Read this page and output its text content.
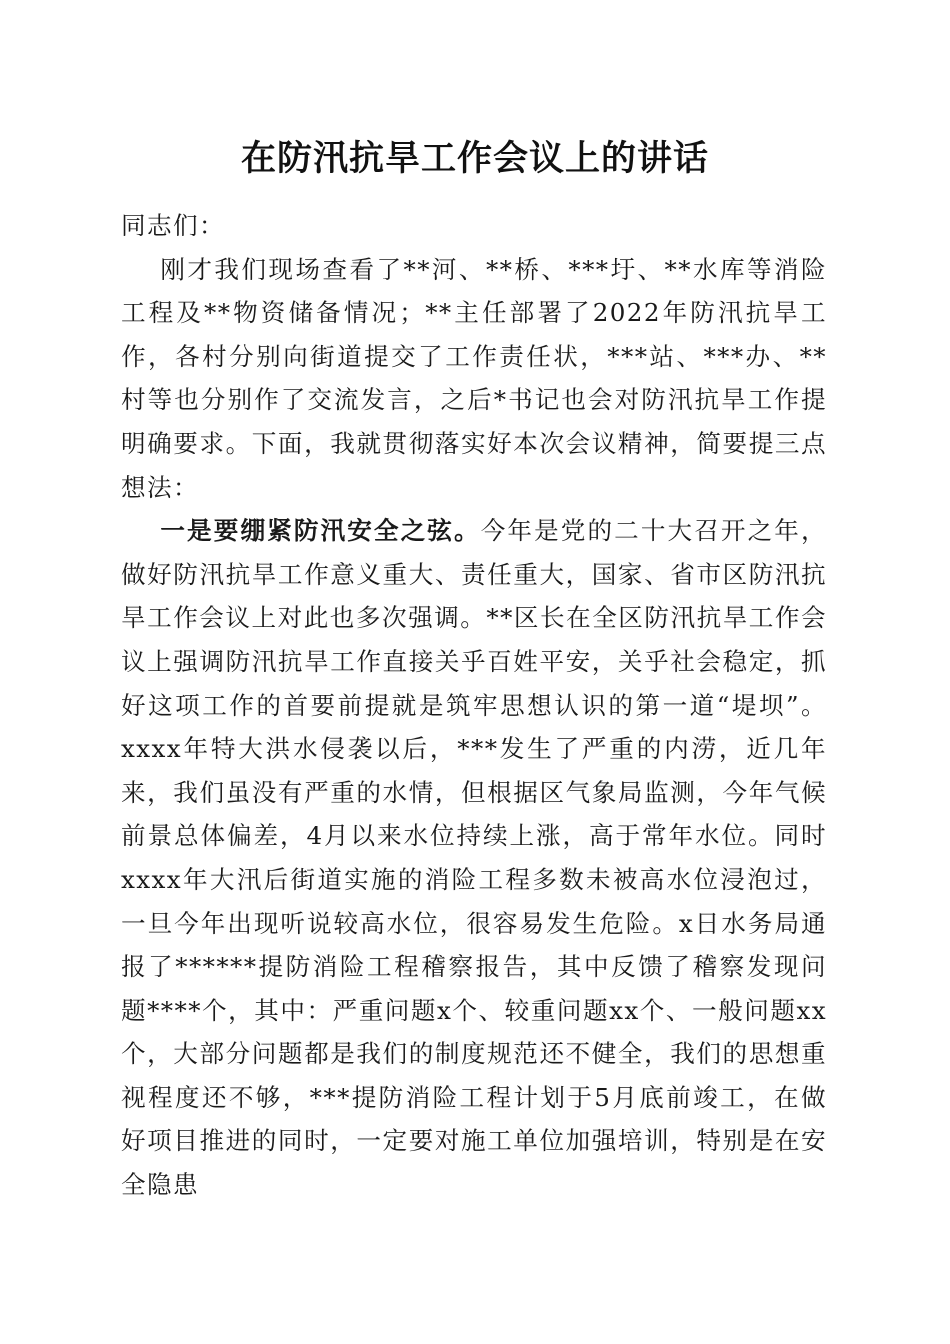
在防汛抗旱工作会议上的讲话

同志们：

刚才我们现场查看了**河、**桥、***圩、**水库等消险工程及**物资储备情况；**主任部署了2022年防汛抗旱工作，各村分别向街道提交了工作责任状，***站、***办、**村等也分别作了交流发言，之后*书记也会对防汛抗旱工作提明确要求。下面，我就贯彻落实好本次会议精神，简要提三点想法：

一是要绷紧防汛安全之弦。今年是党的二十大召开之年，做好防汛抗旱工作意义重大、责任重大，国家、省市区防汛抗旱工作会议上对此也多次强调。**区长在全区防汛抗旱工作会议上强调防汛抗旱工作直接关乎百姓平安，关乎社会稳定，抓好这项工作的首要前提就是筑牢思想认识的第一道“堤坝”。xxxx年特大洪水侵袭以后，***发生了严重的内涝，近几年来，我们虽没有严重的水情，但根据区气象局监测，今年气候前景总体偏差，4月以来水位持续上涨，高于常年水位。同时xxxx年大汛后街道实施的消险工程多数未被高水位浸泡过，一旦今年出现听说较高水位，很容易发生危险。x日水务局通报了******提防消险工程稽察报告，其中反馈了稽察发现问题****个，其中：严重问题x个、较重问题xx个、一般问题xx个，大部分问题都是我们的制度规范还不健全，我们的思想重视程度还不够，***提防消险工程计划于5月底前竣工，在做好项目推进的同时，一定要对施工单位加强培训，特别是在安全隐患
